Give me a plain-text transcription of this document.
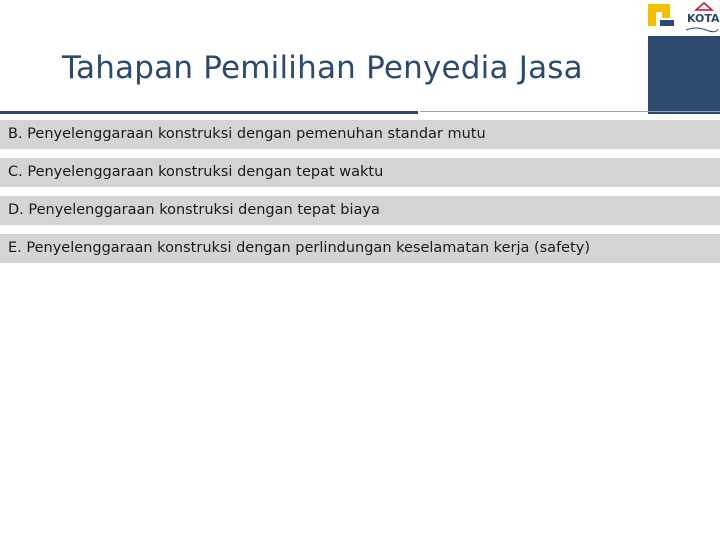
KOTA
Tahapan Pemilihan Penyedia Jasa
B. Penyelenggaraan konstruksi dengan pemenuhan standar mutu
C. Penyelenggaraan konstruksi dengan tepat waktu
D. Penyelenggaraan konstruksi dengan tepat biaya
E. Penyelenggaraan konstruksi dengan perlindungan keselamatan kerja (safety)
